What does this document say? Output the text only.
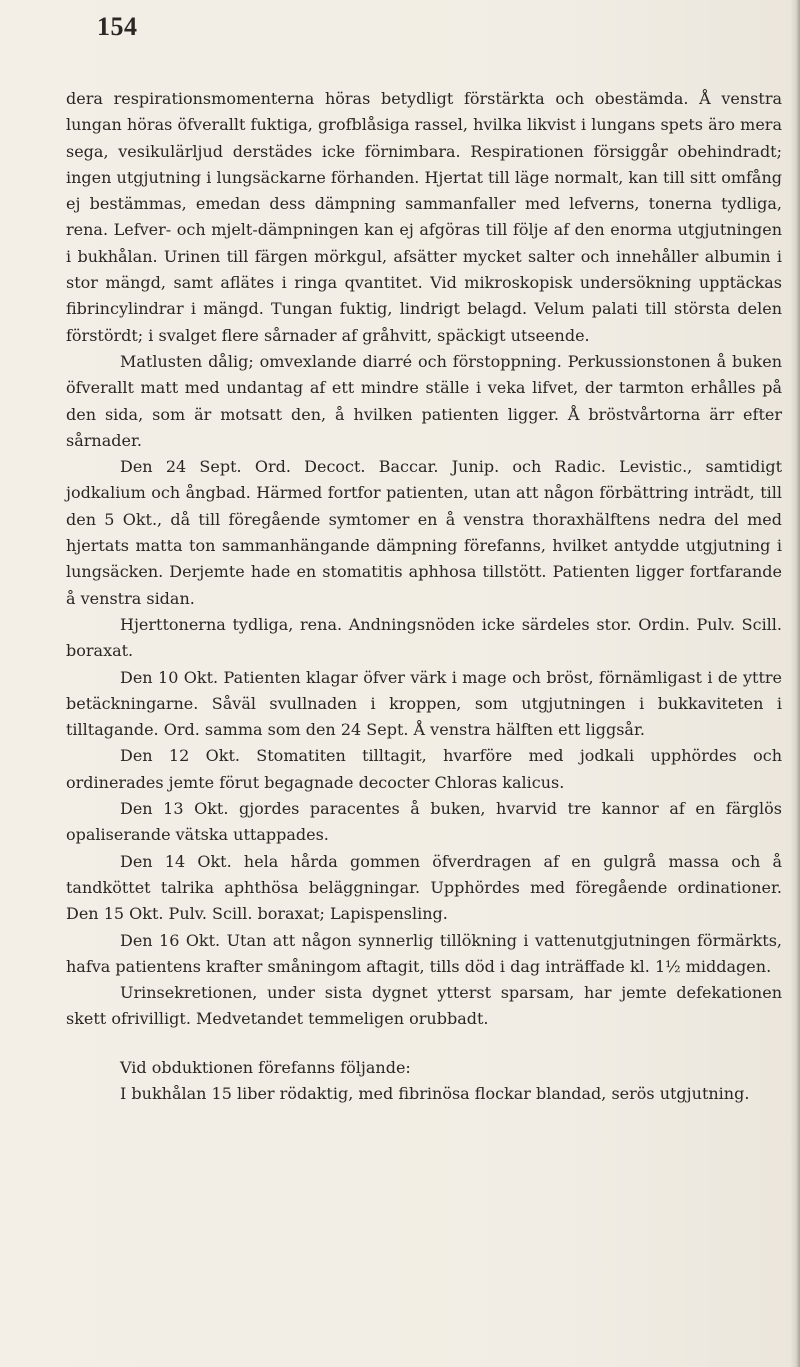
154

dera respirationsmomenterna höras betydligt förstärkta och obestämda. Å venstra lungan höras öfverallt fuktiga, grofblåsiga rassel, hvilka likvist i lungans spets äro mera sega, vesikulärljud derstädes icke förnimbara. Respirationen försiggår obehindradt; ingen utgjutning i lungsäckarne förhanden. Hjertat till läge normalt, kan till sitt omfång ej bestämmas, emedan dess dämpning sammanfaller med lefverns, tonerna tydliga, rena. Lefver- och mjelt-dämpningen kan ej afgöras till följe af den enorma utgjutningen i bukhålan. Urinen till färgen mörkgul, afsätter mycket salter och innehåller albumin i stor mängd, samt aflätes i ringa qvantitet. Vid mikroskopisk undersökning upptäckas fibrincylindrar i mängd. Tungan fuktig, lindrigt belagd. Velum palati till största delen förstördt; i svalget flere sårnader af gråhvitt, späckigt utseende.

Matlusten dålig; omvexlande diarré och förstoppning. Perkussionstonen å buken öfverallt matt med undantag af ett mindre ställe i veka lifvet, der tarmton erhålles på den sida, som är motsatt den, å hvilken patienten ligger. Å bröstvårtorna ärr efter sårnader.

Den 24 Sept. Ord. Decoct. Baccar. Junip. och Radic. Levistic., samtidigt jodkalium och ångbad. Härmed fortfor patienten, utan att någon förbättring inträdt, till den 5 Okt., då till föregående symtomer en å venstra thoraxhälftens nedra del med hjertats matta ton sammanhängande dämpning förefanns, hvilket antydde utgjutning i lungsäcken. Derjemte hade en stomatitis aphhosa tillstött. Patienten ligger fortfarande å venstra sidan.

Hjerttonerna tydliga, rena. Andningsnöden icke särdeles stor. Ordin. Pulv. Scill. boraxat.

Den 10 Okt. Patienten klagar öfver värk i mage och bröst, förnämligast i de yttre betäckningarne. Såväl svullnaden i kroppen, som utgjutningen i bukkaviteten i tilltagande. Ord. samma som den 24 Sept. Å venstra hälften ett liggsår.

Den 12 Okt. Stomatiten tilltagit, hvarföre med jodkali upphördes och ordinerades jemte förut begagnade decocter Chloras kalicus.

Den 13 Okt. gjordes paracentes å buken, hvarvid tre kannor af en färglös opaliserande vätska uttappades.

Den 14 Okt. hela hårda gommen öfverdragen af en gulgrå massa och å tandköttet talrika aphthösa beläggningar. Upphördes med föregående ordinationer. Den 15 Okt. Pulv. Scill. boraxat; Lapispensling.

Den 16 Okt. Utan att någon synnerlig tillökning i vattenutgjutningen förmärkts, hafva patientens krafter småningom aftagit, tills död i dag inträffade kl. 1½ middagen.

Urinsekretionen, under sista dygnet ytterst sparsam, har jemte defekationen skett ofrivilligt. Medvetandet temmeligen orubbadt.

Vid obduktionen förefanns följande:

I bukhålan 15 liber rödaktig, med fibrinösa flockar blandad, serös utgjutning.
